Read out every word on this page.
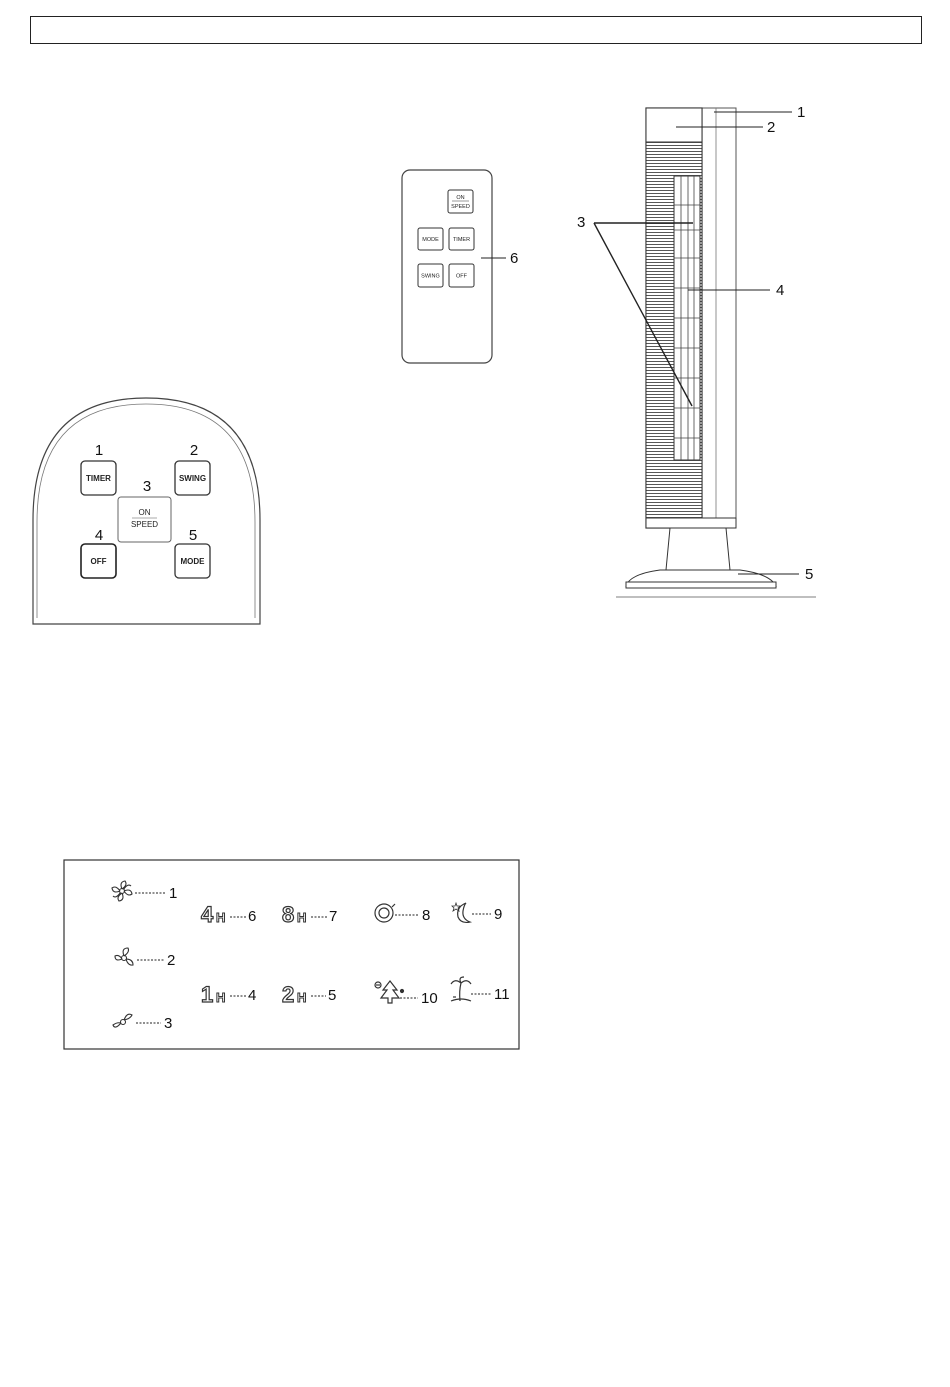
ON
SPEED
MODE	TIMER
SWING	OFF
6
1
2
3
4
5
1	2
3
4	5
TIMER	SWING
ON
SPEED
OFF	MODE
1
2
3
4 H 6 8 H 7
1 H 4 2 H 5
8	9
10	11
